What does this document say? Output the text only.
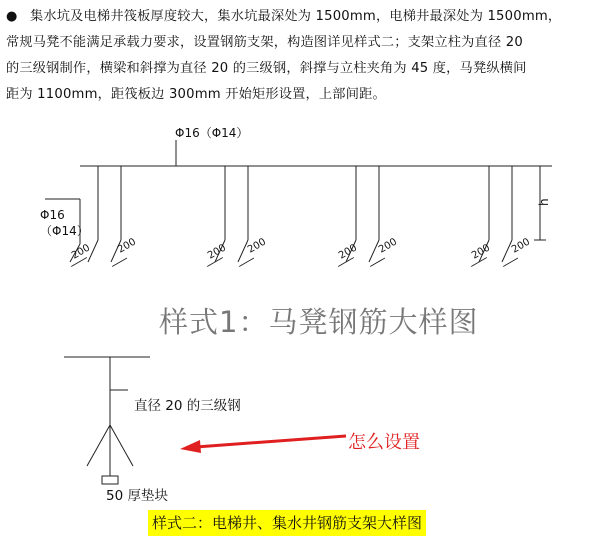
● 集水坑及电梯井筏板厚度较大，集水坑最深处为 1500mm，电梯井最深处为 1500mm，
常规马凳不能满足承载力要求，设置钢筋支架，构造图详见样式二；支架立柱为直径 20
的三级钢制作，横梁和斜撑为直径 20 的三级钢，斜撑与立柱夹角为 45 度，马凳纵横间
距为 1100mm，距筏板边 300mm 开始矩形设置，上部间距。
Φ16（Φ14）
Φ16
（Φ14）
h
200 200	200 200	200 200	200 200
样式1：马凳钢筋大样图
直径 20 的三级钢
怎么设置
50 厚垫块
样式二：电梯井、集水井钢筋支架大样图
